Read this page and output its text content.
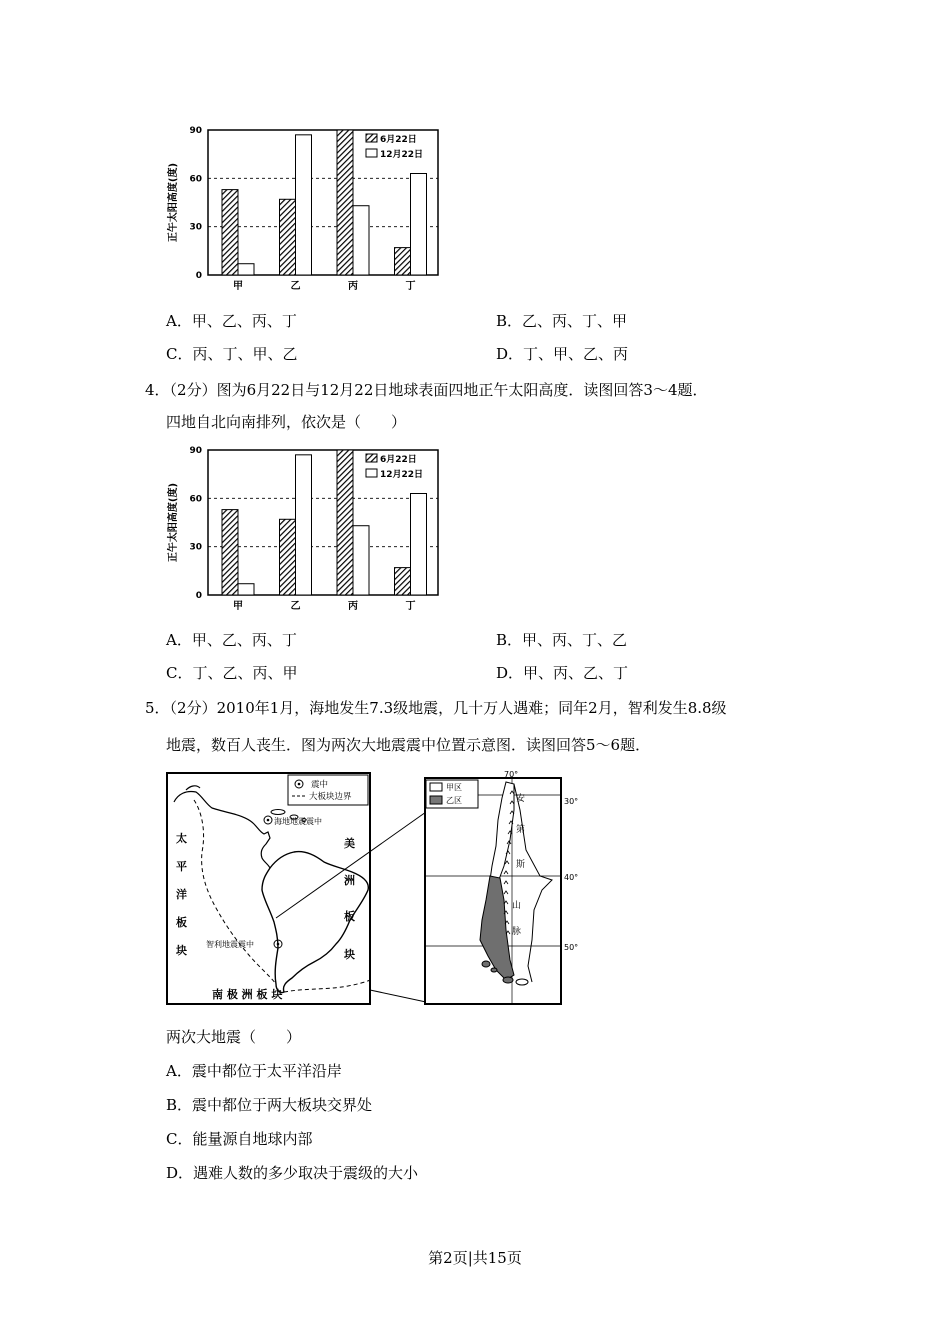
正午太阳高度(度)
0
30
60
90
甲	乙	丙	丁
6月22日
12月22日
A．甲、乙、丙、丁	B．乙、丙、丁、甲
C．丙、丁、甲、乙	D．丁、甲、乙、丙
4．（2分）图为6月22日与12月22日地球表面四地正午太阳高度．读图回答3～4题．
四地自北向南排列，依次是（　　）
正午太阳高度(度)
0
30
60
90
甲	乙	丙	丁
6月22日
12月22日
A．甲、乙、丙、丁	B．甲、丙、丁、乙
C．丁、乙、丙、甲	D．甲、丙、乙、丁
5．（2分）2010年1月，海地发生7.3级地震，几十万人遇难；同年2月，智利发生8.8级
地震，数百人丧生．图为两次大地震震中位置示意图．读图回答5～6题．
震中
大板块边界
海地地震震中
智利地震震中
太
平
洋
板
块
美
洲
板
块
南 极 洲 板 块
70°
30°
40°
50°
甲区
乙区	安
第
斯
山
脉
两次大地震（　　）
A．震中都位于太平洋沿岸
B．震中都位于两大板块交界处
C．能量源自地球内部
D．遇难人数的多少取决于震级的大小
第2页|共15页
